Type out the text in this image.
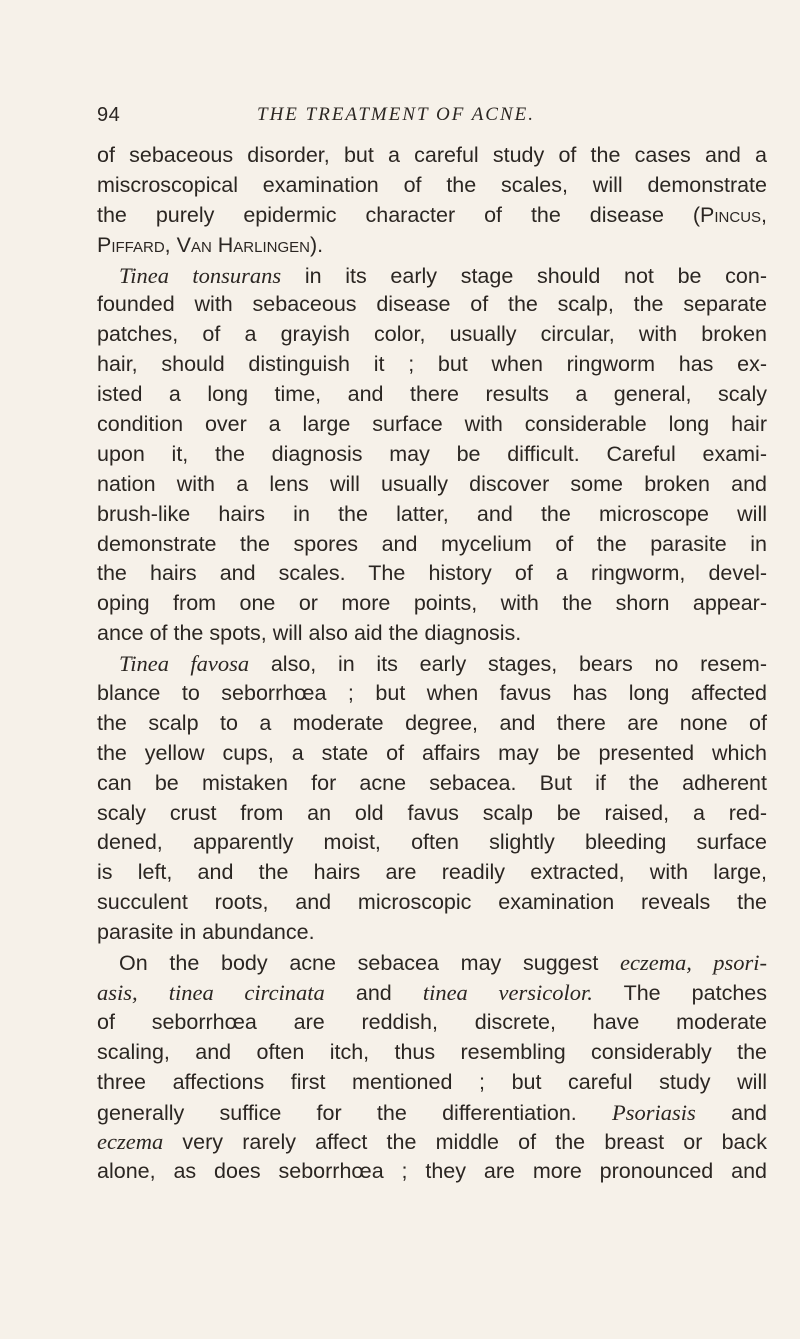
94	THE TREATMENT OF ACNE.
of sebaceous disorder, but a careful study of the cases and a
miscroscopical examination of the scales, will demonstrate
the purely epidermic character of the disease (Pincus,
Piffard, Van Harlingen).
Tinea tonsurans in its early stage should not be con-
founded with sebaceous disease of the scalp, the separate
patches, of a grayish color, usually circular, with broken
hair, should distinguish it ; but when ringworm has ex-
isted a long time, and there results a general, scaly
condition over a large surface with considerable long hair
upon it, the diagnosis may be difficult. Careful exami-
nation with a lens will usually discover some broken and
brush-like hairs in the latter, and the microscope will
demonstrate the spores and mycelium of the parasite in
the hairs and scales. The history of a ringworm, devel-
oping from one or more points, with the shorn appear-
ance of the spots, will also aid the diagnosis.
Tinea favosa also, in its early stages, bears no resem-
blance to seborrhœa ; but when favus has long affected
the scalp to a moderate degree, and there are none of
the yellow cups, a state of affairs may be presented which
can be mistaken for acne sebacea. But if the adherent
scaly crust from an old favus scalp be raised, a red-
dened, apparently moist, often slightly bleeding surface
is left, and the hairs are readily extracted, with large,
succulent roots, and microscopic examination reveals the
parasite in abundance.
On the body acne sebacea may suggest eczema, psori-
asis, tinea circinata and tinea versicolor. The patches
of seborrhœa are reddish, discrete, have moderate
scaling, and often itch, thus resembling considerably the
three affections first mentioned ; but careful study will
generally suffice for the differentiation. Psoriasis and
eczema very rarely affect the middle of the breast or back
alone, as does seborrhœa ; they are more pronounced and
